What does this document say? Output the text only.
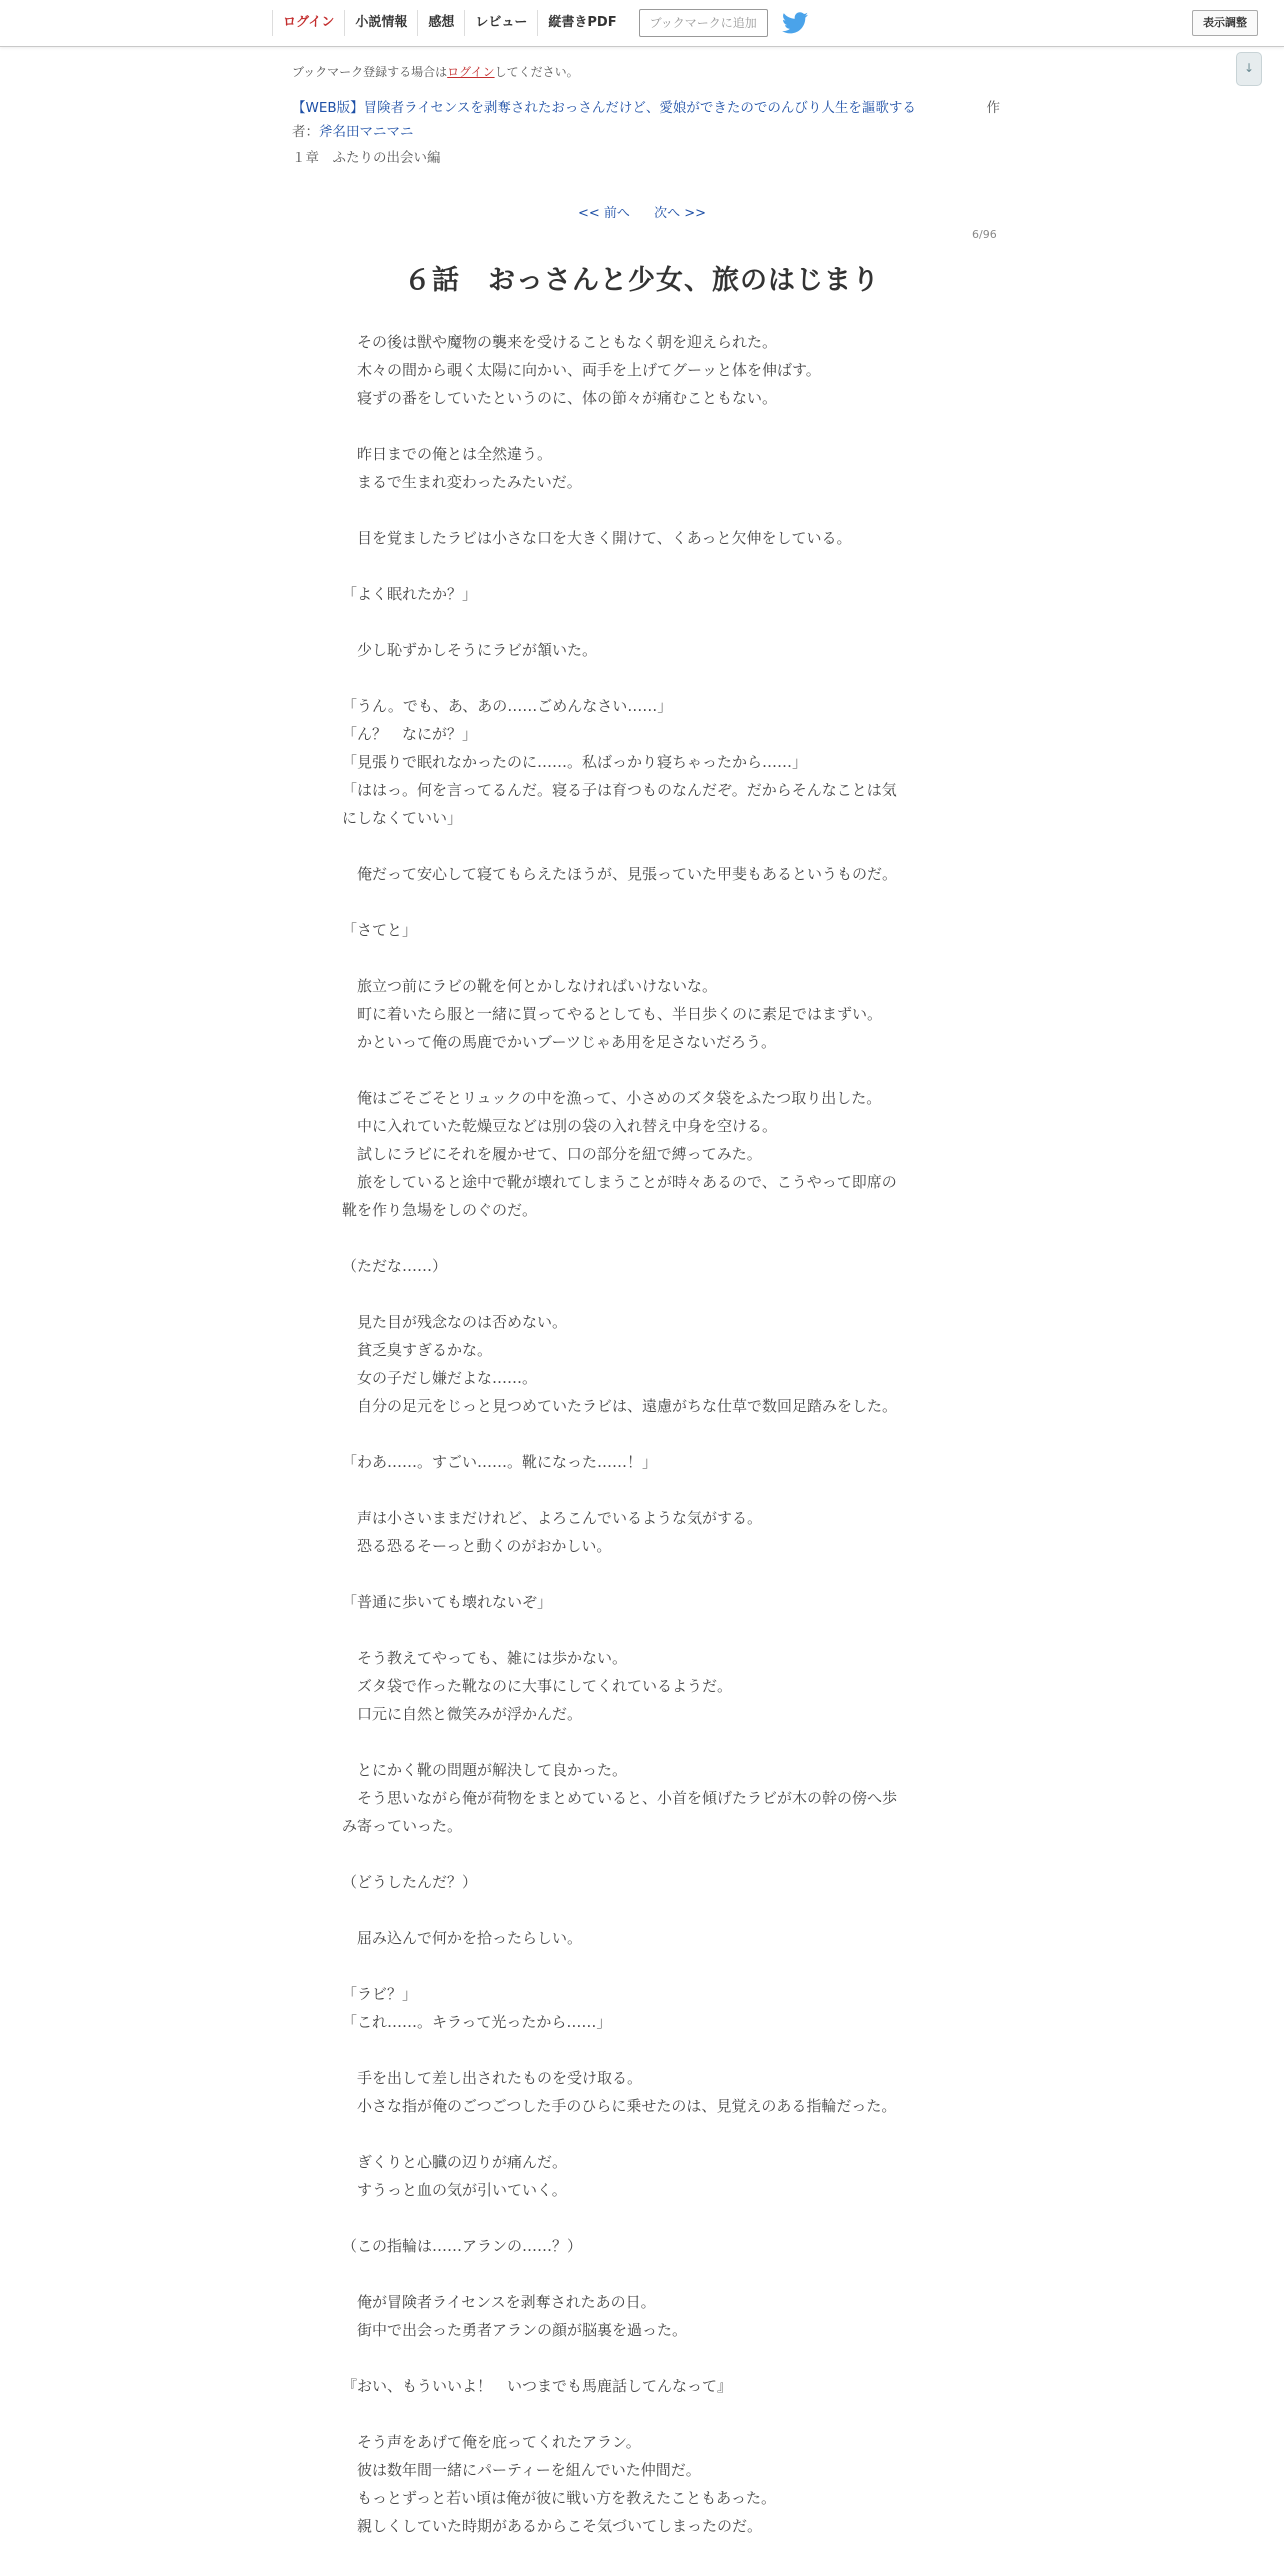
ログイン	小説情報	感想	レビュー	縦書きPDF	ブックマークに追加	表示調整
↓
ブックマーク登録する場合はログインしてください。
【WEB版】冒険者ライセンスを剥奪されたおっさんだけど、愛娘ができたのでのんびり人生を謳歌する	作
者：斧名田マニマニ
１章　ふたりの出会い編
<< 前へ 次へ >>
6/96
６話　おっさんと少女、旅のはじまり

　その後は獣や魔物の襲来を受けることもなく朝を迎えられた。

　木々の間から覗く太陽に向かい、両手を上げてグーッと体を伸ばす。

　寝ずの番をしていたというのに、体の節々が痛むこともない。

　昨日までの俺とは全然違う。

　まるで生まれ変わったみたいだ。

　目を覚ましたラビは小さな口を大きく開けて、くあっと欠伸をしている。

「よく眠れたか？」

　少し恥ずかしそうにラビが頷いた。

「うん。でも、あ、あの……ごめんなさい……」

「ん？　なにが？」

「見張りで眠れなかったのに……。私ばっかり寝ちゃったから……」

「ははっ。何を言ってるんだ。寝る子は育つものなんだぞ。だからそんなことは気

にしなくていい」

　俺だって安心して寝てもらえたほうが、見張っていた甲斐もあるというものだ。

「さてと」

　旅立つ前にラビの靴を何とかしなければいけないな。

　町に着いたら服と一緒に買ってやるとしても、半日歩くのに素足ではまずい。

　かといって俺の馬鹿でかいブーツじゃあ用を足さないだろう。

　俺はごそごそとリュックの中を漁って、小さめのズタ袋をふたつ取り出した。

　中に入れていた乾燥豆などは別の袋の入れ替え中身を空ける。

　試しにラビにそれを履かせて、口の部分を紐で縛ってみた。

　旅をしていると途中で靴が壊れてしまうことが時々あるので、こうやって即席の

靴を作り急場をしのぐのだ。

（ただな……）

　見た目が残念なのは否めない。

　貧乏臭すぎるかな。

　女の子だし嫌だよな……。

　自分の足元をじっと見つめていたラビは、遠慮がちな仕草で数回足踏みをした。

「わあ……。すごい……。靴になった……！」

　声は小さいままだけれど、よろこんでいるような気がする。

　恐る恐るそーっと動くのがおかしい。

「普通に歩いても壊れないぞ」

　そう教えてやっても、雑には歩かない。

　ズタ袋で作った靴なのに大事にしてくれているようだ。

　口元に自然と微笑みが浮かんだ。

　とにかく靴の問題が解決して良かった。

　そう思いながら俺が荷物をまとめていると、小首を傾げたラビが木の幹の傍へ歩

み寄っていった。

（どうしたんだ？）

　屈み込んで何かを拾ったらしい。

「ラビ？」

「これ……。キラって光ったから……」

　手を出して差し出されたものを受け取る。

　小さな指が俺のごつごつした手のひらに乗せたのは、見覚えのある指輪だった。

　ぎくりと心臓の辺りが痛んだ。

　すうっと血の気が引いていく。

（この指輪は……アランの……？）

　俺が冒険者ライセンスを剥奪されたあの日。

　街中で出会った勇者アランの顔が脳裏を過った。

『おい、もういいよ！　いつまでも馬鹿話してんなって』

　そう声をあげて俺を庇ってくれたアラン。

　彼は数年間一緒にパーティーを組んでいた仲間だ。

　もっとずっと若い頃は俺が彼に戦い方を教えたこともあった。

　親しくしていた時期があるからこそ気づいてしまったのだ。
